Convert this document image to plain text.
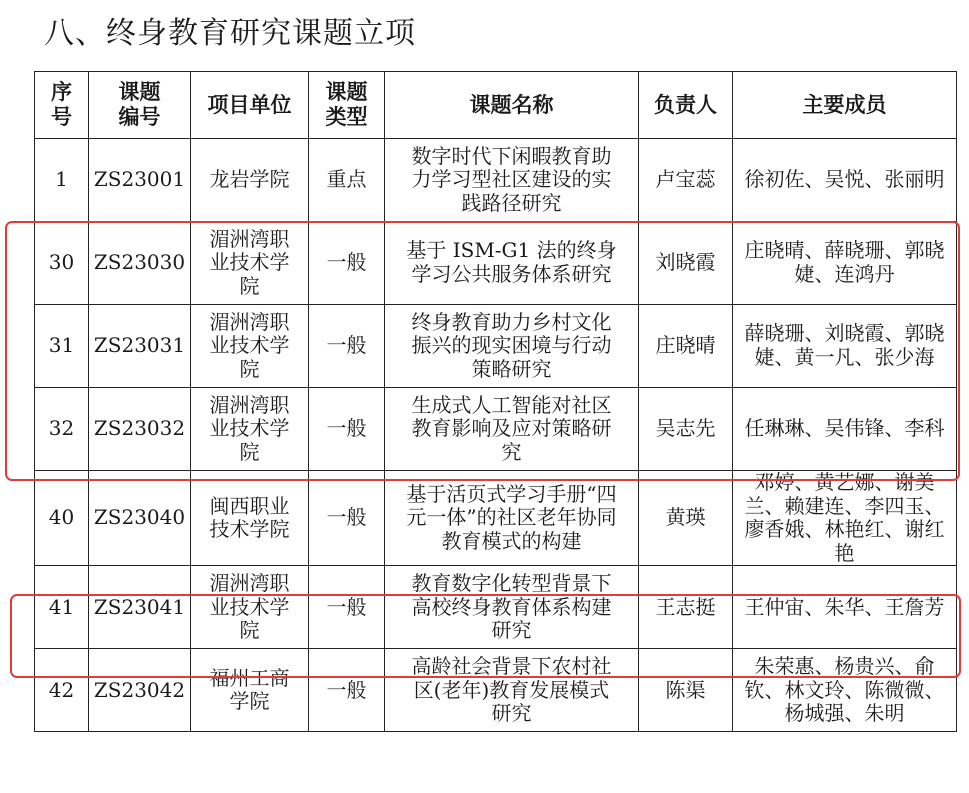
八、终身教育研究课题立项
序号	课题编号	项目单位	课题类型	课题名称	负责人	主要成员
1	ZS23001	龙岩学院	重点	数字时代下闲暇教育助力学习型社区建设的实践路径研究	卢宝蕊	徐初佐、吴悦、张丽明
30	ZS23030	湄洲湾职业技术学院	一般	基于 ISM-G1 法的终身学习公共服务体系研究	刘晓霞	庄晓晴、薛晓珊、郭晓婕、连鸿丹
31	ZS23031	湄洲湾职业技术学院	一般	终身教育助力乡村文化振兴的现实困境与行动策略研究	庄晓晴	薛晓珊、刘晓霞、郭晓婕、黄一凡、张少海
32	ZS23032	湄洲湾职业技术学院	一般	生成式人工智能对社区教育影响及应对策略研究	吴志先	任琳琳、吴伟锋、李科
40	ZS23040	闽西职业技术学院	一般	基于活页式学习手册“四元一体”的社区老年协同教育模式的构建	黄瑛	邓婷、黄艺娜、谢美兰、赖建连、李四玉、廖香娥、林艳红、谢红艳
41	ZS23041	湄洲湾职业技术学院	一般	教育数字化转型背景下高校终身教育体系构建研究	王志挺	王仲宙、朱华、王詹芳
42	ZS23042	福州工商学院	一般	高龄社会背景下农村社区(老年)教育发展模式研究	陈渠	朱荣惠、杨贵兴、俞钦、林文玲、陈微微、杨城强、朱明
